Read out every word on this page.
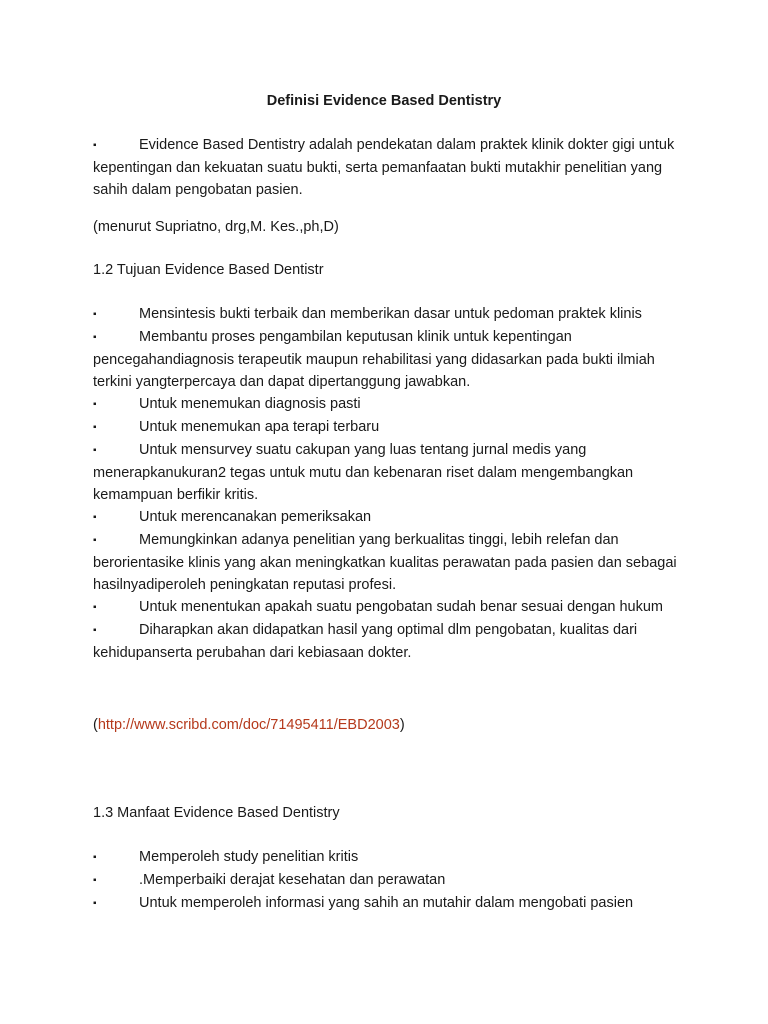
Definisi Evidence Based Dentistry

▪	Evidence Based Dentistry adalah pendekatan dalam praktek klinik dokter gigi untuk kepentingan dan kekuatan suatu bukti, serta pemanfaatan bukti mutakhir penelitian yang sahih dalam pengobatan pasien.

(menurut Supriatno, drg,M. Kes.,ph,D)

1.2 Tujuan Evidence Based Dentistr

▪	Mensintesis bukti terbaik dan memberikan dasar untuk pedoman praktek klinis

▪	Membantu proses pengambilan keputusan klinik untuk kepentingan pencegahandiagnosis terapeutik maupun rehabilitasi yang didasarkan pada bukti ilmiah terkini yangterpercaya dan dapat dipertanggung jawabkan.

▪	Untuk menemukan diagnosis pasti

▪	Untuk menemukan apa terapi terbaru

▪	Untuk mensurvey suatu cakupan yang luas tentang jurnal medis yang menerapkanukuran2 tegas untuk mutu dan kebenaran riset dalam mengembangkan kemampuan berfikir kritis.

▪	Untuk merencanakan pemeriksakan

▪	Memungkinkan adanya penelitian yang berkualitas tinggi, lebih relefan dan berorientasike klinis yang akan meningkatkan kualitas perawatan pada pasien dan sebagai hasilnyadiperoleh peningkatan reputasi profesi.

▪	Untuk menentukan apakah suatu pengobatan sudah benar sesuai dengan hukum

▪	Diharapkan akan didapatkan hasil yang optimal dlm pengobatan, kualitas dari kehidupanserta perubahan dari kebiasaan dokter.

(http://www.scribd.com/doc/71495411/EBD2003)

1.3 Manfaat Evidence Based Dentistry

▪	Memperoleh study penelitian kritis

▪	.Memperbaiki derajat kesehatan dan perawatan

▪	Untuk memperoleh informasi yang sahih an mutahir dalam mengobati pasien
